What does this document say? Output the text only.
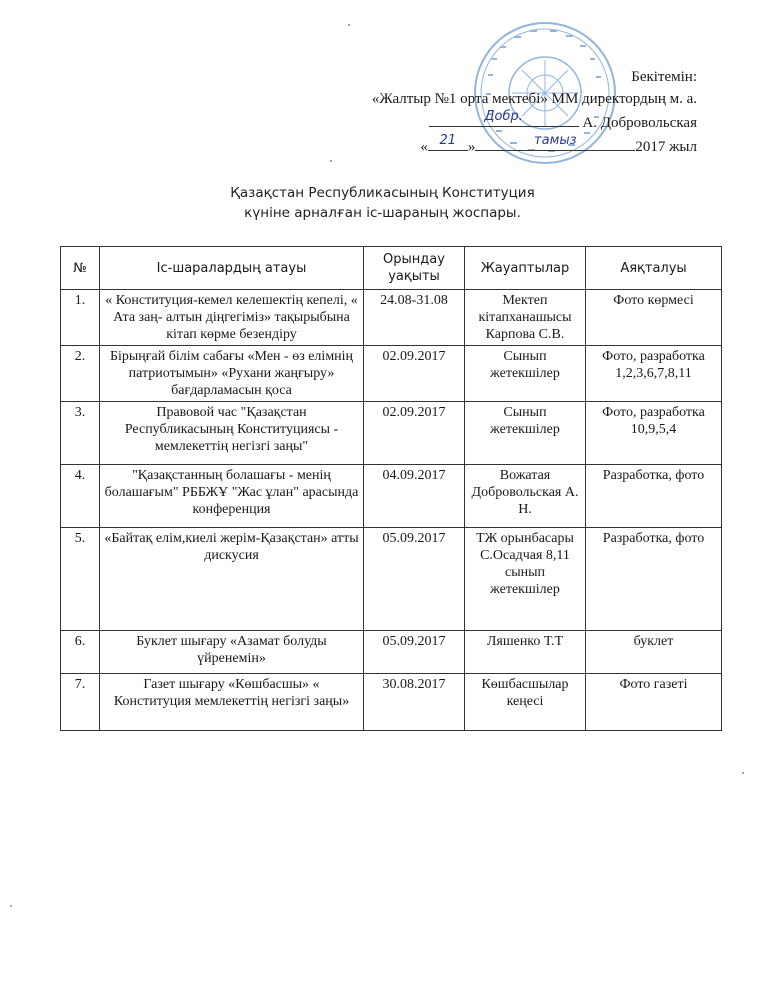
Бекітемін:
«Жалтыр №1 орта мектебі» ММ директордың м. а.
Добр.	А. Добровольская
« 21 »	тамыз	2017 жыл
Қазақстан Республикасының Конституция
күніне арналған іс-шараның жоспары.
№	Іс-шаралардың атауы	Орындау уақыты	Жауаптылар	Аяқталуы
1.	« Конституция-кемел келешектің кепелі, « Ата заң- алтын діңгегіміз» тақырыбына кітап көрме безендіру	24.08-31.08	Мектеп кітапханашысы Карпова С.В.	Фото көрмесі
2.	Бірыңғай білім сабағы «Мен - өз елімнің патриотымын» «Рухани жаңғыру» бағдарламасын қоса	02.09.2017	Сынып жетекшілер	Фото, разработка 1,2,3,6,7,8,11
3.	Правовой час "Қазақстан Республикасының Конституциясы - мемлекеттің негізгі заңы"	02.09.2017	Сынып жетекшілер	Фото, разработка 10,9,5,4
4.	"Қазақстанның болашағы - менің болашағым" РББЖҰ "Жас ұлан" арасында конференция	04.09.2017	Вожатая Добровольская А. Н.	Разработка, фото
5.	«Байтақ елім,киелі жерім-Қазақстан» атты дискусия	05.09.2017	ТЖ орынбасары С.Осадчая 8,11 сынып жетекшілер	Разработка, фото
6.	Буклет шығару «Азамат болуды үйренемін»	05.09.2017	Ляшенко Т.Т	буклет
7.	Газет шығару «Көшбасшы» « Конституция мемлекеттің негізгі заңы»	30.08.2017	Көшбасшылар кеңесі	Фото газеті
